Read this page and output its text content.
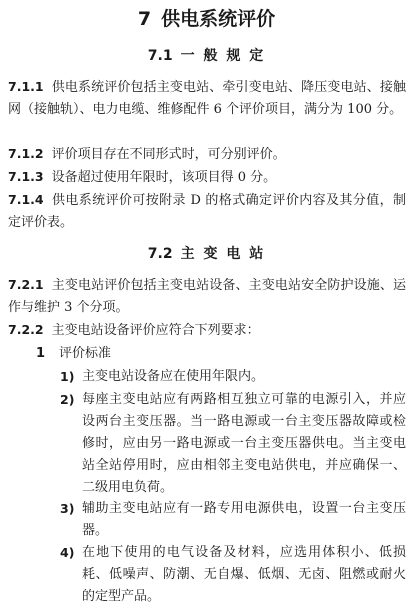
7 供电系统评价
7.1 一 般 规 定
7.1.1 供电系统评价包括主变电站、牵引变电站、降压变电站、接触网（接触轨）、电力电缆、维修配件 6 个评价项目，满分为 100 分。
7.1.2 评价项目存在不同形式时，可分别评价。
7.1.3 设备超过使用年限时，该项目得 0 分。
7.1.4 供电系统评价可按附录 D 的格式确定评价内容及其分值，制定评价表。
7.2 主 变 电 站
7.2.1 主变电站评价包括主变电站设备、主变电站安全防护设施、运作与维护 3 个分项。
7.2.2 主变电站设备评价应符合下列要求：
1 评价标准
1) 主变电站设备应在使用年限内。
2) 每座主变电站应有两路相互独立可靠的电源引入，并应设两台主变压器。当一路电源或一台主变压器故障或检修时，应由另一路电源或一台主变压器供电。当主变电站全站停用时，应由相邻主变电站供电，并应确保一、二级用电负荷。
3) 辅助主变电站应有一路专用电源供电，设置一台主变压器。
4) 在地下使用的电气设备及材料，应选用体积小、低损耗、低噪声、防潮、无自爆、低烟、无卤、阻燃或耐火的定型产品。
